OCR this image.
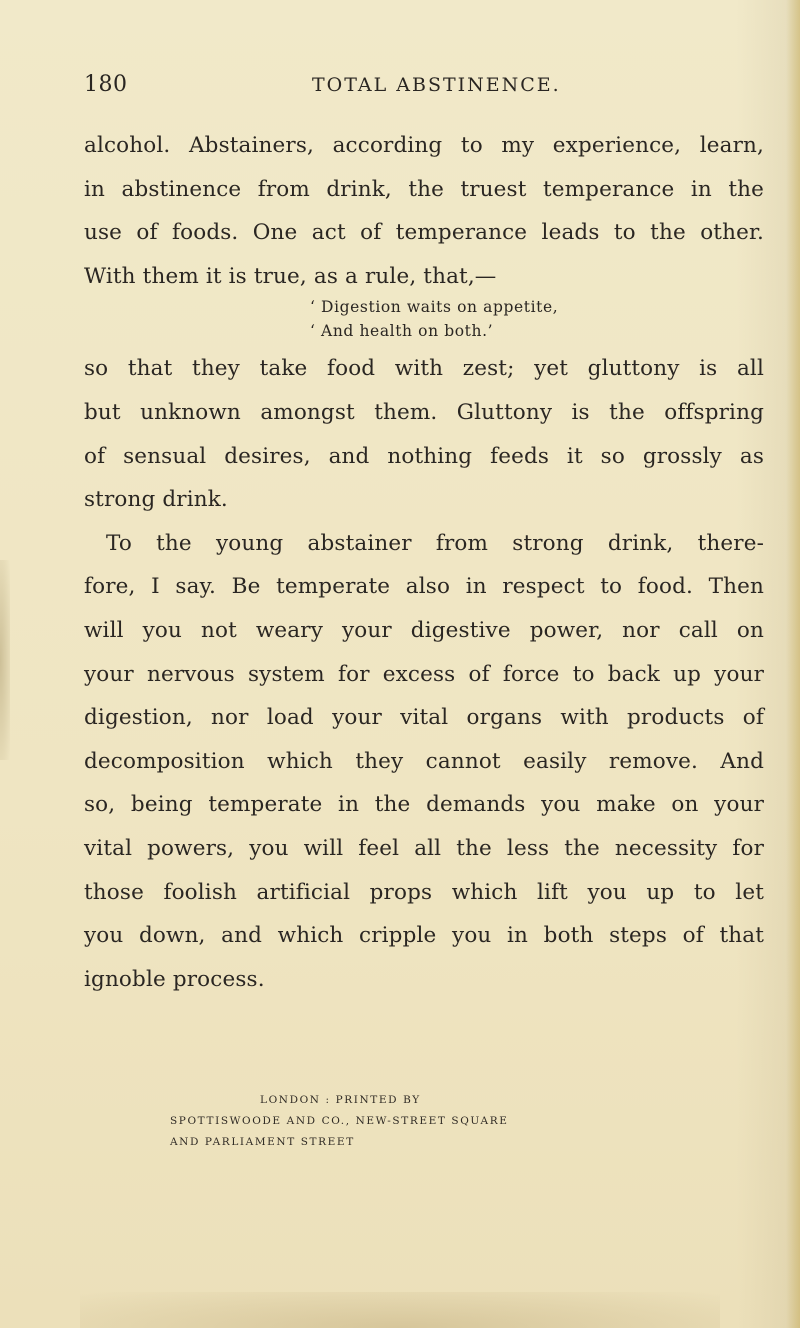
180	TOTAL ABSTINENCE.
alcohol. Abstainers, according to my experience, learn,
in abstinence from drink, the truest temperance in the
use of foods. One act of temperance leads to the other.
With them it is true, as a rule, that,—
‘ Digestion waits on appetite,
‘ And health on both.’
so that they take food with zest; yet gluttony is all
but unknown amongst them. Gluttony is the offspring
of sensual desires, and nothing feeds it so grossly as
strong drink.
To the young abstainer from strong drink, there-
fore, I say. Be temperate also in respect to food. Then
will you not weary your digestive power, nor call on
your nervous system for excess of force to back up your
digestion, nor load your vital organs with products of
decomposition which they cannot easily remove. And
so, being temperate in the demands you make on your
vital powers, you will feel all the less the necessity for
those foolish artificial props which lift you up to let
you down, and which cripple you in both steps of that
ignoble process.
LONDON : PRINTED BY
SPOTTISWOODE AND CO., NEW-STREET SQUARE
AND PARLIAMENT STREET
